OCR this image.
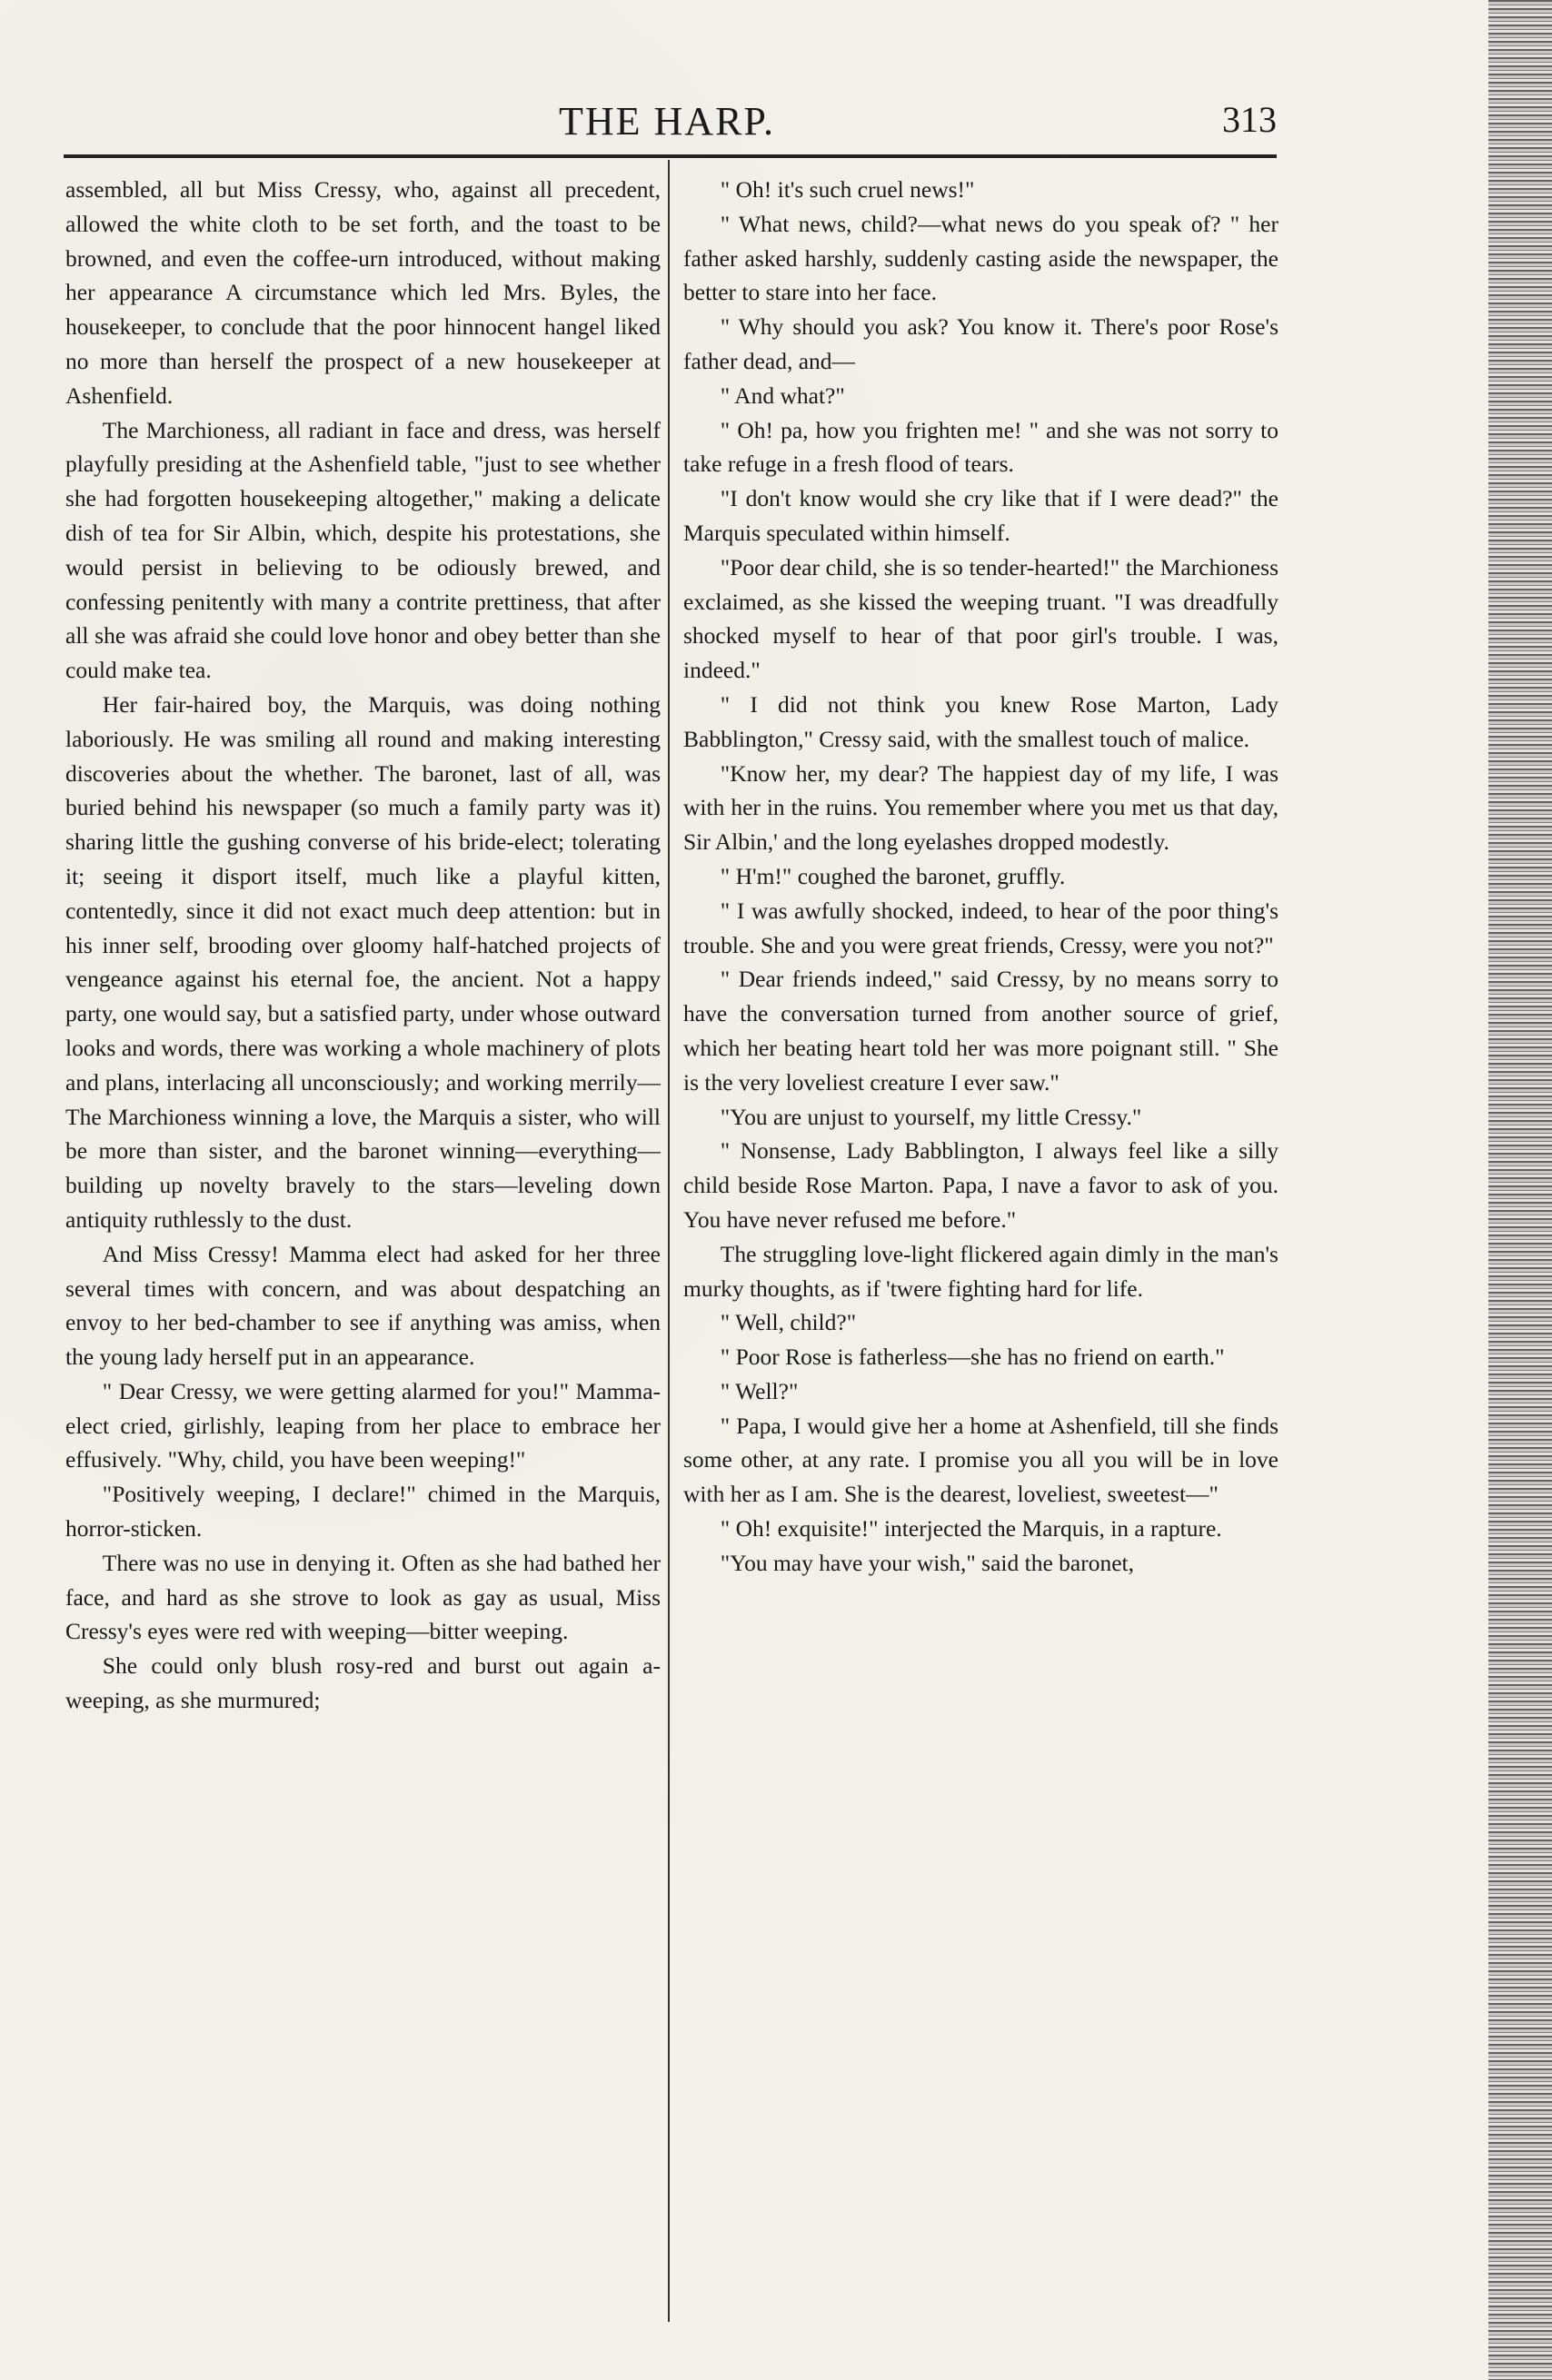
THE HARP.	313

assembled, all but Miss Cressy, who, against all precedent, allowed the white cloth to be set forth, and the toast to be browned, and even the coffee-urn introduced, without making her appearance A circumstance which led Mrs. Byles, the housekeeper, to conclude that the poor hinnocent hangel liked no more than herself the prospect of a new housekeeper at Ashenfield.

The Marchioness, all radiant in face and dress, was herself playfully presiding at the Ashenfield table, "just to see whether she had forgotten housekeeping altogether," making a delicate dish of tea for Sir Albin, which, despite his protestations, she would persist in believing to be odiously brewed, and confessing penitently with many a contrite prettiness, that after all she was afraid she could love honor and obey better than she could make tea.

Her fair-haired boy, the Marquis, was doing nothing laboriously. He was smiling all round and making interesting discoveries about the whether. The baronet, last of all, was buried behind his newspaper (so much a family party was it) sharing little the gushing converse of his bride-elect; tolerating it; seeing it disport itself, much like a playful kitten, contentedly, since it did not exact much deep attention: but in his inner self, brooding over gloomy half-hatched projects of vengeance against his eternal foe, the ancient. Not a happy party, one would say, but a satisfied party, under whose outward looks and words, there was working a whole machinery of plots and plans, interlacing all unconsciously; and working merrily—The Marchioness winning a love, the Marquis a sister, who will be more than sister, and the baronet winning—everything—building up novelty bravely to the stars—leveling down antiquity ruthlessly to the dust.

And Miss Cressy! Mamma elect had asked for her three several times with concern, and was about despatching an envoy to her bed-chamber to see if anything was amiss, when the young lady herself put in an appearance.

" Dear Cressy, we were getting alarmed for you!" Mamma-elect cried, girlishly, leaping from her place to embrace her effusively. "Why, child, you have been weeping!"

"Positively weeping, I declare!" chimed in the Marquis, horror-sticken.

There was no use in denying it. Often as she had bathed her face, and hard as she strove to look as gay as usual, Miss Cressy's eyes were red with weeping—bitter weeping.

She could only blush rosy-red and burst out again a-weeping, as she murmured;

" Oh! it's such cruel news!"

" What news, child?—what news do you speak of? " her father asked harshly, suddenly casting aside the newspaper, the better to stare into her face.

" Why should you ask? You know it. There's poor Rose's father dead, and—

" And what?"

" Oh! pa, how you frighten me! " and she was not sorry to take refuge in a fresh flood of tears.

"I don't know would she cry like that if I were dead?" the Marquis speculated within himself.

"Poor dear child, she is so tender-hearted!" the Marchioness exclaimed, as she kissed the weeping truant. "I was dreadfully shocked myself to hear of that poor girl's trouble. I was, indeed."

" I did not think you knew Rose Marton, Lady Babblington," Cressy said, with the smallest touch of malice.

"Know her, my dear? The happiest day of my life, I was with her in the ruins. You remember where you met us that day, Sir Albin,' and the long eyelashes dropped modestly.

" H'm!" coughed the baronet, gruffly.

" I was awfully shocked, indeed, to hear of the poor thing's trouble. She and you were great friends, Cressy, were you not?"

" Dear friends indeed," said Cressy, by no means sorry to have the conversation turned from another source of grief, which her beating heart told her was more poignant still. " She is the very loveliest creature I ever saw."

"You are unjust to yourself, my little Cressy."

" Nonsense, Lady Babblington, I always feel like a silly child beside Rose Marton. Papa, I nave a favor to ask of you. You have never refused me before."

The struggling love-light flickered again dimly in the man's murky thoughts, as if 'twere fighting hard for life.

" Well, child?"

" Poor Rose is fatherless—she has no friend on earth."

" Well?"

" Papa, I would give her a home at Ashenfield, till she finds some other, at any rate. I promise you all you will be in love with her as I am. She is the dearest, loveliest, sweetest—"

" Oh! exquisite!" interjected the Marquis, in a rapture.

"You may have your wish," said the baronet,
